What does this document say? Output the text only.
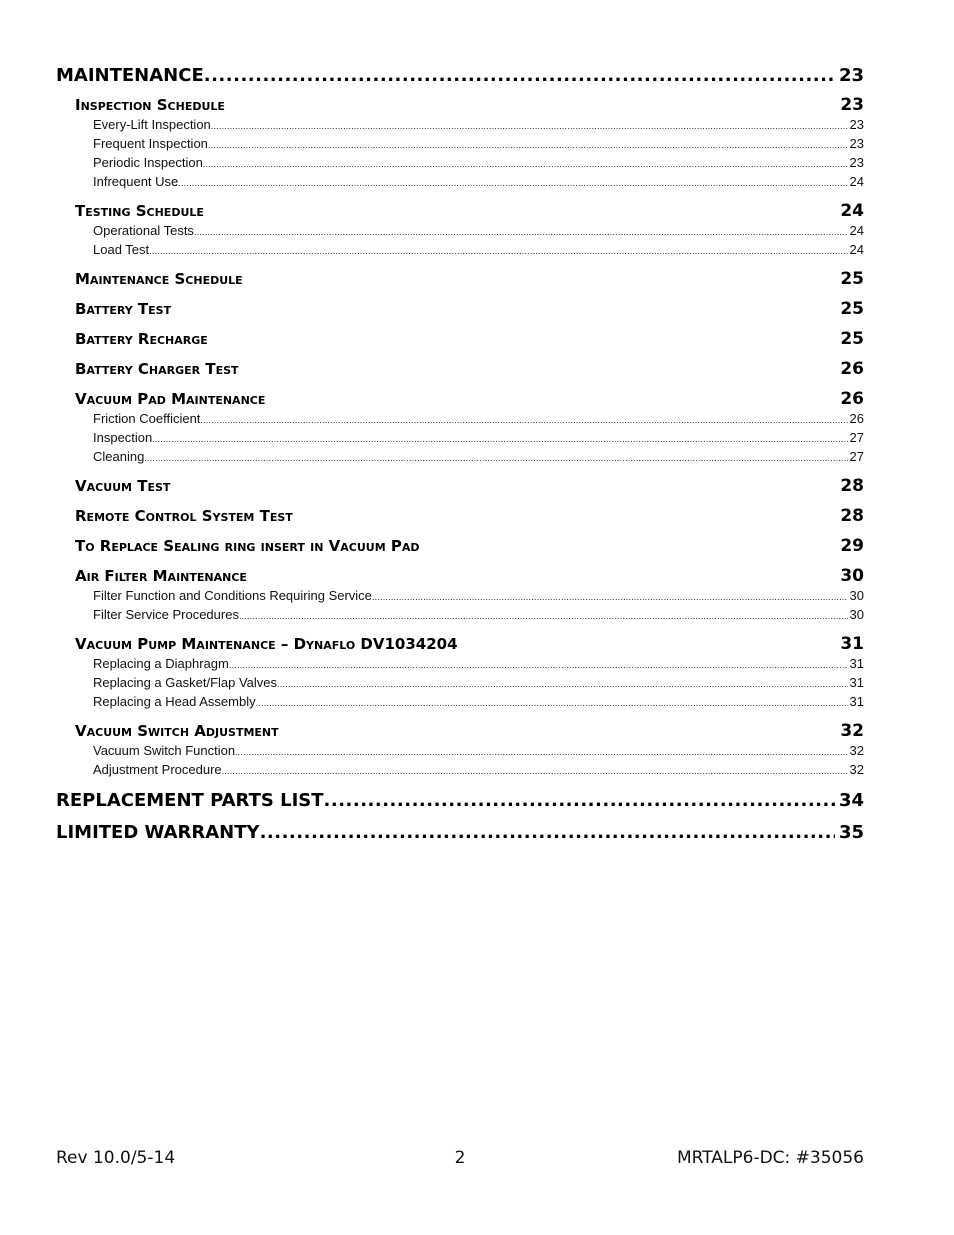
MAINTENANCE .....	23
Inspection Schedule	23
Every-Lift Inspection .....	23
Frequent Inspection .....	23
Periodic Inspection .....	23
Infrequent Use .....	24
Testing Schedule	24
Operational Tests .....	24
Load Test .....	24
Maintenance Schedule	25
Battery Test	25
Battery Recharge	25
Battery Charger Test	26
Vacuum Pad Maintenance	26
Friction Coefficient .....	26
Inspection .....	27
Cleaning .....	27
Vacuum Test	28
Remote Control System Test	28
To Replace Sealing ring insert in Vacuum Pad	29
Air Filter Maintenance	30
Filter Function and Conditions Requiring Service .....	30
Filter Service Procedures .....	30
Vacuum Pump Maintenance – Dynaflo DV1034204	31
Replacing a Diaphragm .....	31
Replacing a Gasket/Flap Valves .....	31
Replacing a Head Assembly .....	31
Vacuum Switch Adjustment	32
Vacuum Switch Function .....	32
Adjustment Procedure .....	32
REPLACEMENT PARTS LIST .....	34
LIMITED WARRANTY .....	35
Rev 10.0/5-14	2	MRTALP6-DC: #35056
